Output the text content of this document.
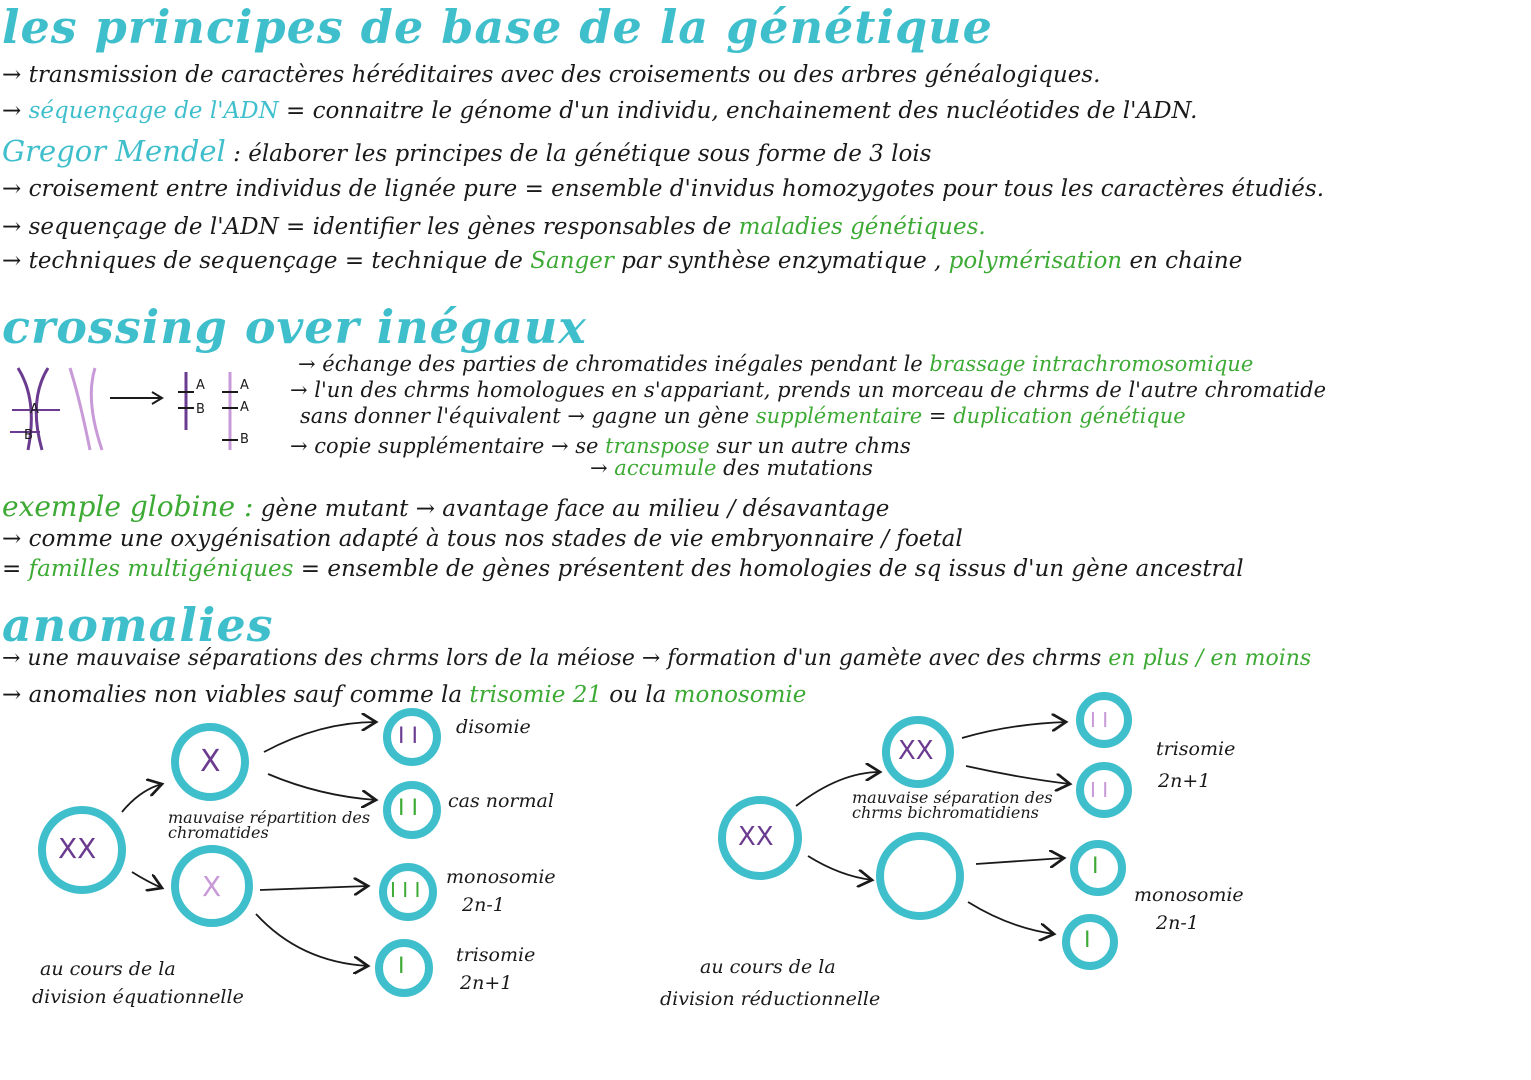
les principes de base de la génétique
→ transmission de caractères héréditaires avec des croisements ou des arbres généalogiques.
→ séquençage de l'ADN = connaitre le génome d'un individu, enchainement des nucléotides de l'ADN.
Gregor Mendel : élaborer les principes de la génétique sous forme de 3 lois
→ croisement entre individus de lignée pure = ensemble d'invidus homozygotes pour tous les caractères étudiés.
→ sequençage de l'ADN = identifier les gènes responsables de maladies génétiques.
→ techniques de sequençage = technique de Sanger par synthèse enzymatique , polymérisation en chaine
crossing over inégaux
A
B
A
B
A
A
B
→ échange des parties de chromatides inégales pendant le brassage intrachromosomique
→ l'un des chrms homologues en s'appariant, prends un morceau de chrms de l'autre chromatide
sans donner l'équivalent → gagne un gène supplémentaire = duplication génétique
→ copie supplémentaire → se transpose sur un autre chms
→ accumule des mutations
exemple globine : gène mutant → avantage face au milieu / désavantage
→ comme une oxygénisation adapté à tous nos stades de vie embryonnaire / foetal
= familles multigéniques = ensemble de gènes présentent des homologies de sq issus d'un gène ancestral
anomalies
→ une mauvaise séparations des chrms lors de la méiose → formation d'un gamète avec des chrms en plus / en moins
→ anomalies non viables sauf comme la trisomie 21 ou la monosomie
XX
X
X
mauvaise répartition des chromatides
I I disomie
I I cas normal
I I I
monosomie
2n-1
I	trisomie
2n+1
au cours de la
division équationnelle
XX
XX
mauvaise séparation des chrms bichromatidiens
I I
I I
I
I
trisomie
2n+1
monosomie
2n-1
au cours de la
division réductionnelle
